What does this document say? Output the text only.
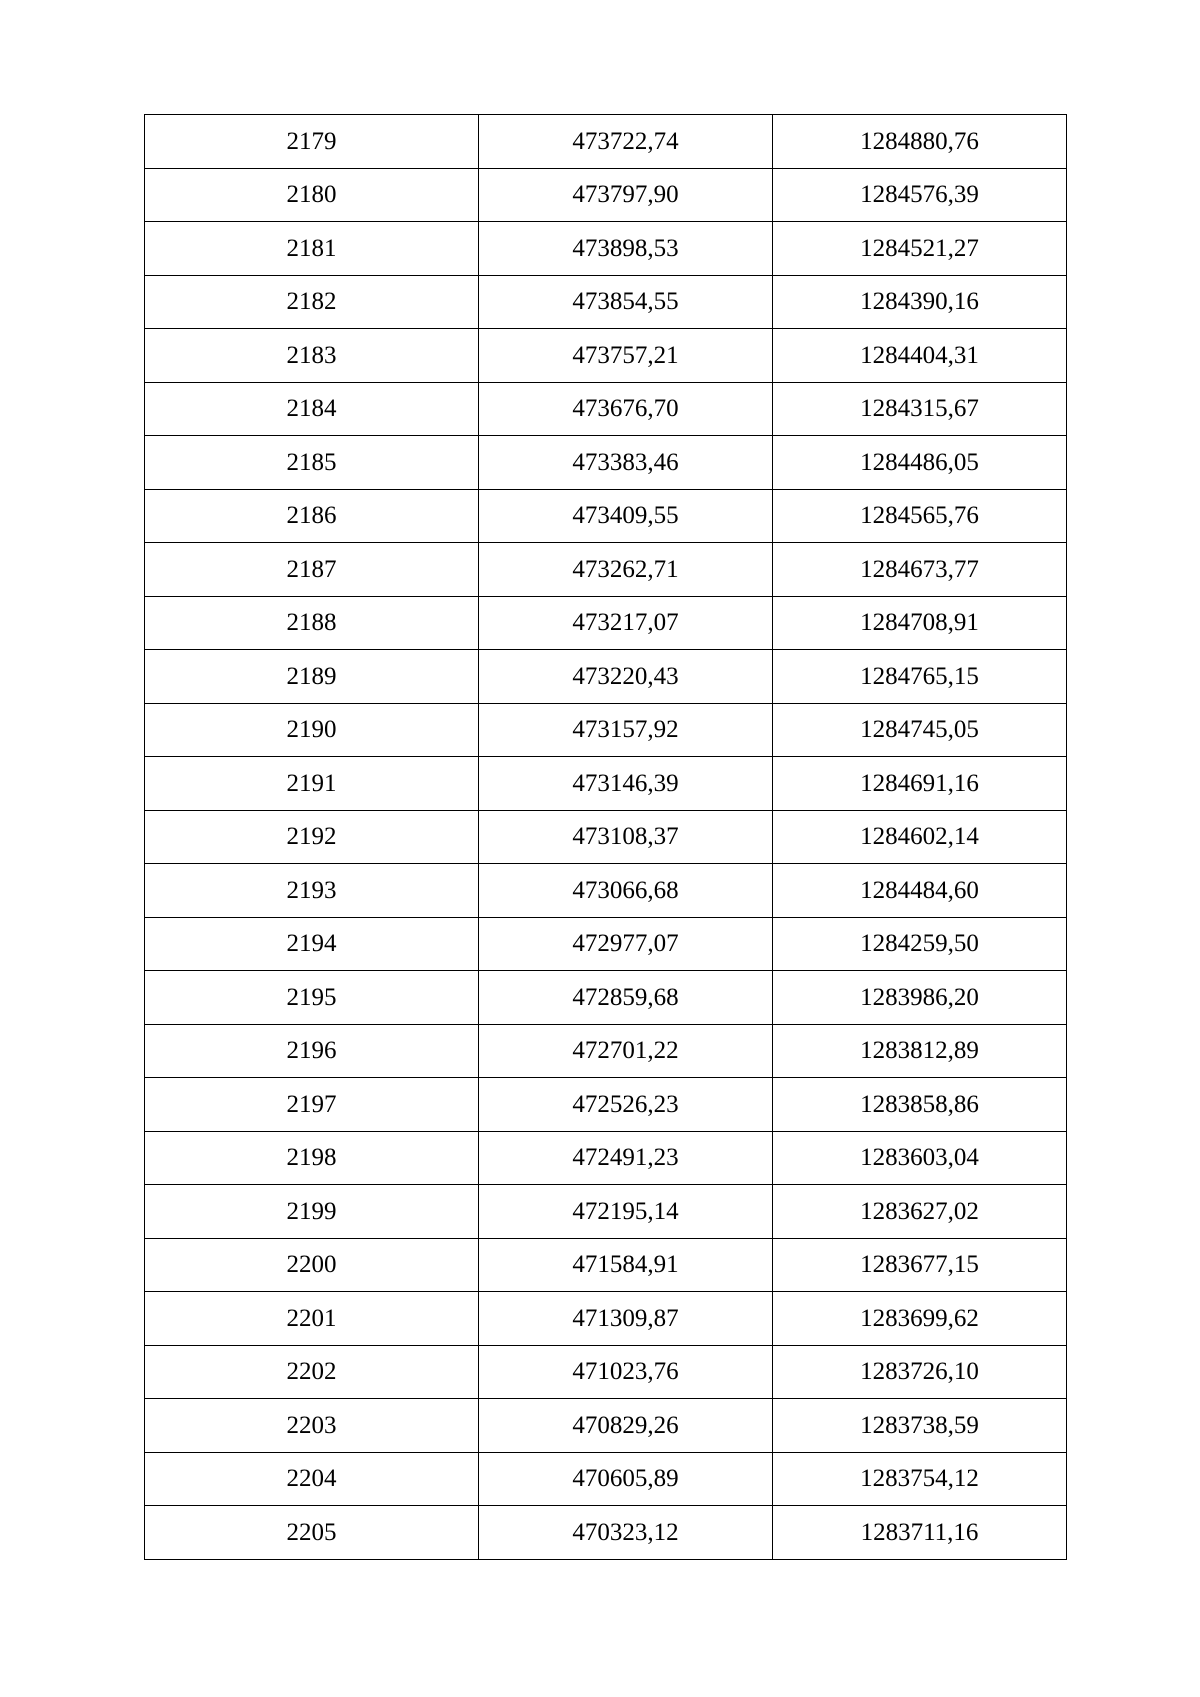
2179	473722,74	1284880,76
2180	473797,90	1284576,39
2181	473898,53	1284521,27
2182	473854,55	1284390,16
2183	473757,21	1284404,31
2184	473676,70	1284315,67
2185	473383,46	1284486,05
2186	473409,55	1284565,76
2187	473262,71	1284673,77
2188	473217,07	1284708,91
2189	473220,43	1284765,15
2190	473157,92	1284745,05
2191	473146,39	1284691,16
2192	473108,37	1284602,14
2193	473066,68	1284484,60
2194	472977,07	1284259,50
2195	472859,68	1283986,20
2196	472701,22	1283812,89
2197	472526,23	1283858,86
2198	472491,23	1283603,04
2199	472195,14	1283627,02
2200	471584,91	1283677,15
2201	471309,87	1283699,62
2202	471023,76	1283726,10
2203	470829,26	1283738,59
2204	470605,89	1283754,12
2205	470323,12	1283711,16
